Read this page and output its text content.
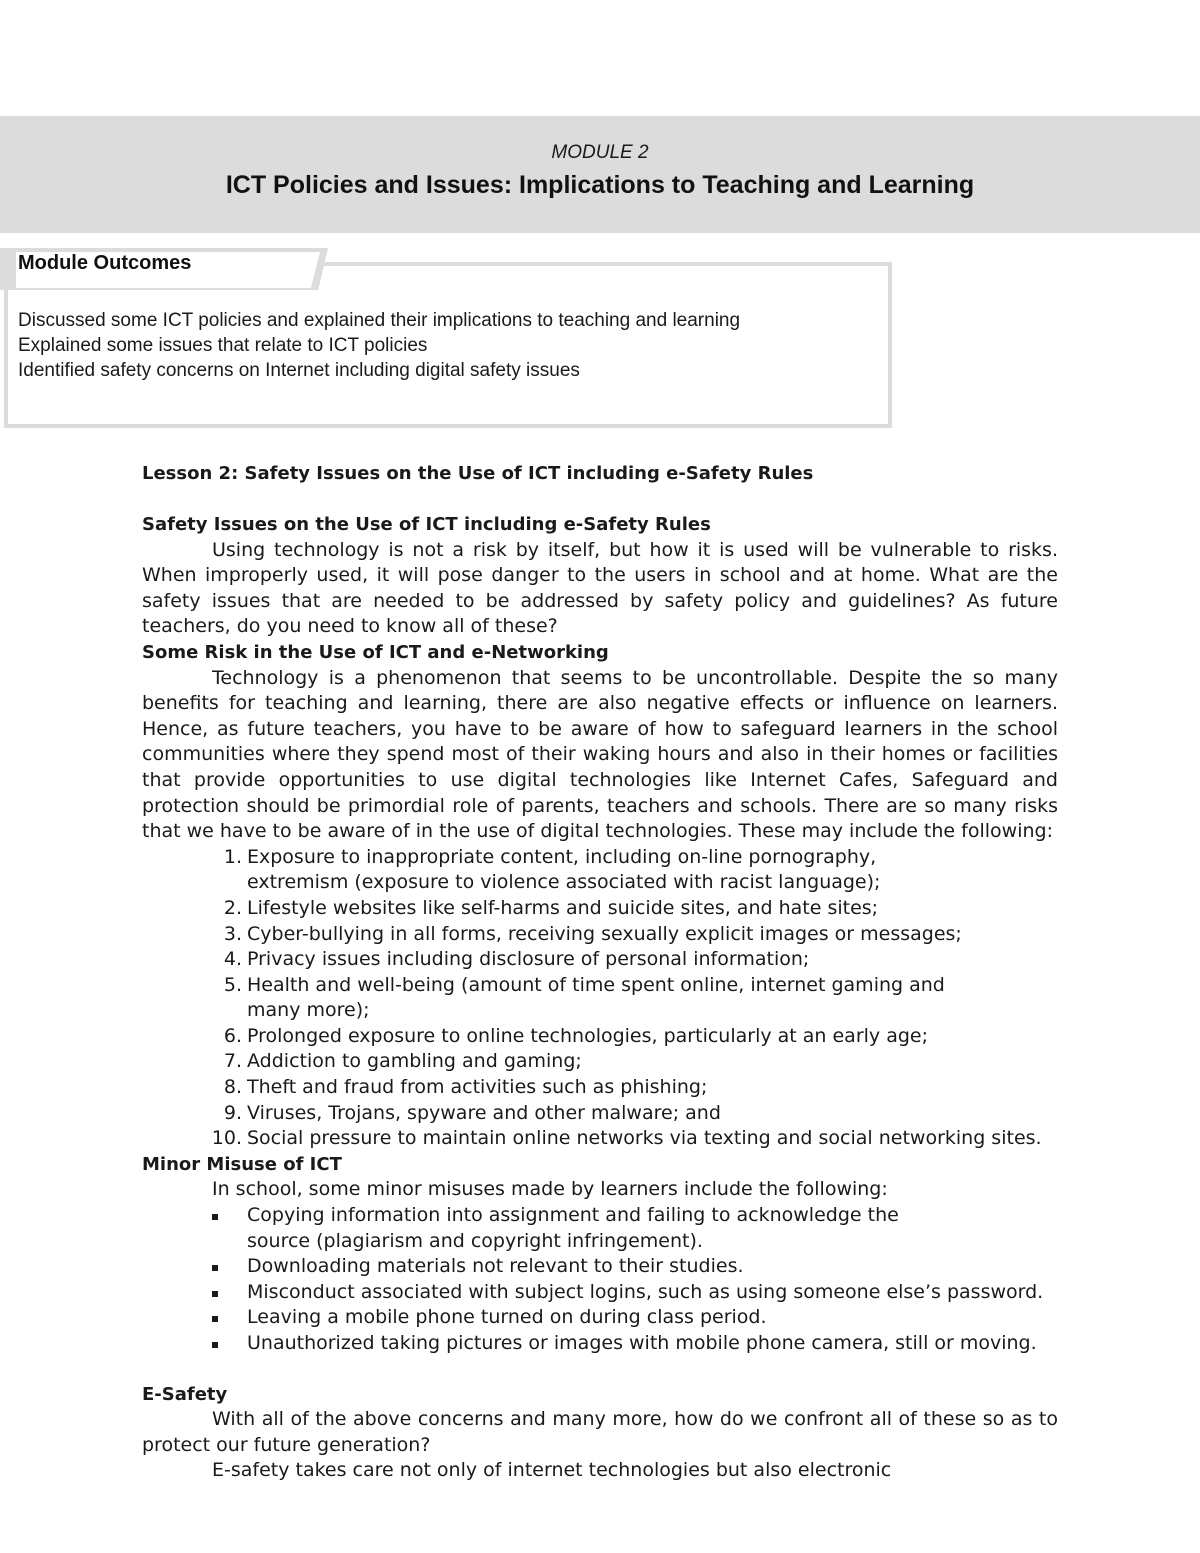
MODULE 2
ICT Policies and Issues: Implications to Teaching and Learning
Module Outcomes
Discussed some ICT policies and explained their implications to teaching and learning
Explained some issues that relate to ICT policies
Identified safety concerns on Internet including digital safety issues
Lesson 2: Safety Issues on the Use of ICT including e-Safety Rules
Safety Issues on the Use of ICT including e-Safety Rules

Using technology is not a risk by itself, but how it is used will be vulnerable to risks. When improperly used, it will pose danger to the users in school and at home. What are the safety issues that are needed to be addressed by safety policy and guidelines? As future teachers, do you need to know all of these?

Some Risk in the Use of ICT and e-Networking

Technology is a phenomenon that seems to be uncontrollable. Despite the so many benefits for teaching and learning, there are also negative effects or influence on learners. Hence, as future teachers, you have to be aware of how to safeguard learners in the school communities where they spend most of their waking hours and also in their homes or facilities that provide opportunities to use digital technologies like Internet Cafes, Safeguard and protection should be primordial role of parents, teachers and schools. There are so many risks that we have to be aware of in the use of digital technologies. These may include the following:

1. Exposure to inappropriate content, including on-line pornography,
extremism (exposure to violence associated with racist language);
2. Lifestyle websites like self-harms and suicide sites, and hate sites;
3. Cyber-bullying in all forms, receiving sexually explicit images or messages;
4. Privacy issues including disclosure of personal information;
5. Health and well-being (amount of time spent online, internet gaming and
many more);
6. Prolonged exposure to online technologies, particularly at an early age;
7. Addiction to gambling and gaming;
8. Theft and fraud from activities such as phishing;
9. Viruses, Trojans, spyware and other malware; and
10. Social pressure to maintain online networks via texting and social networking sites.
Minor Misuse of ICT

In school, some minor misuses made by learners include the following:

Copying information into assignment and failing to acknowledge the
source (plagiarism and copyright infringement).
Downloading materials not relevant to their studies.
Misconduct associated with subject logins, such as using someone else’s password.
Leaving a mobile phone turned on during class period.
Unauthorized taking pictures or images with mobile phone camera, still or moving.
E-Safety

With all of the above concerns and many more, how do we confront all of these so as to protect our future generation?

E-safety takes care not only of internet technologies but also electronic
